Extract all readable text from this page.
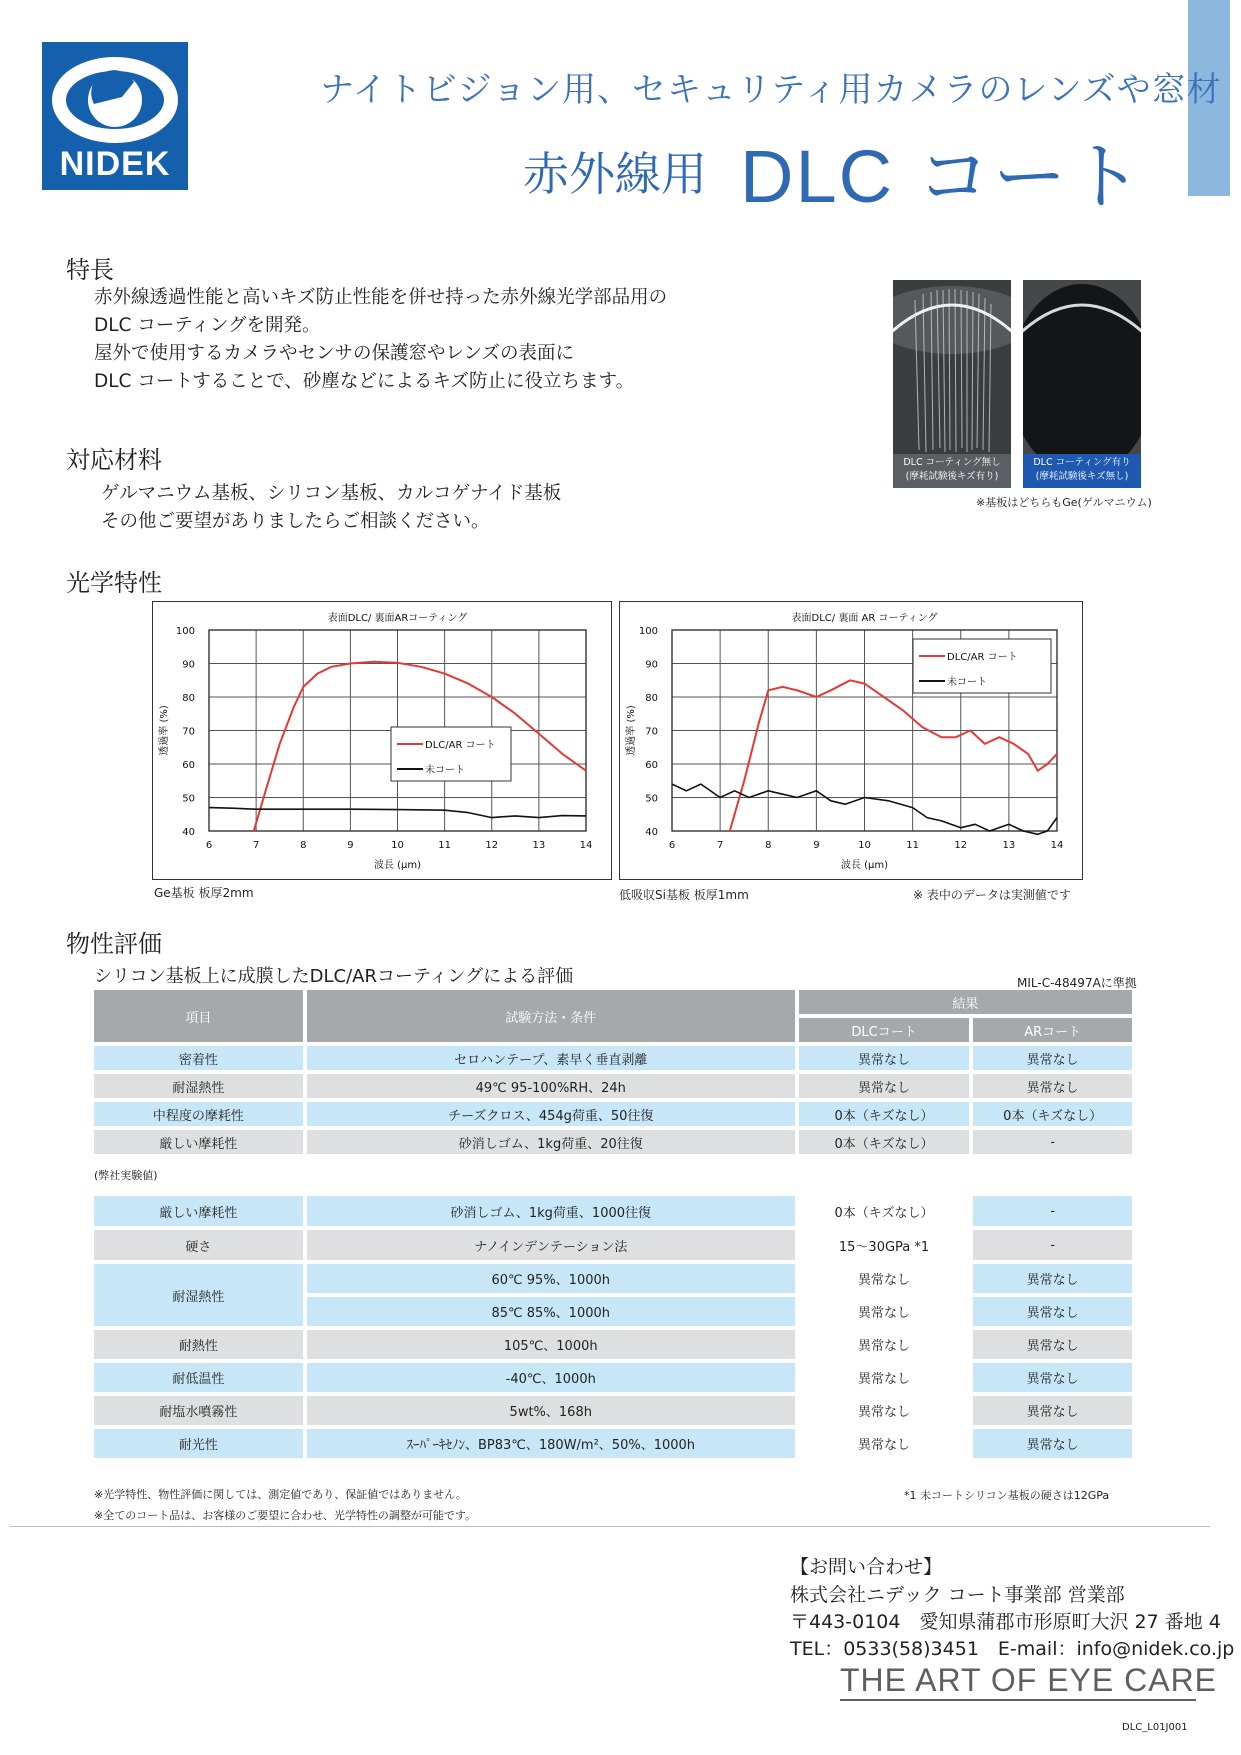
NIDEK
ナイトビジョン用、セキュリティ用カメラのレンズや窓材
赤外線用 DLC コート
特長
赤外線透過性能と高いキズ防止性能を併せ持った赤外線光学部品用の
DLC コーティングを開発。
屋外で使用するカメラやセンサの保護窓やレンズの表面に
DLC コートすることで、砂塵などによるキズ防止に役立ちます。
DLC コーティング無し
(摩耗試験後キズ有り)
DLC コーティング有り
(摩耗試験後キズ無し)
※基板はどちらもGe(ゲルマニウム)
対応材料
ゲルマニウム基板、シリコン基板、カルコゲナイド基板
その他ご要望がありましたらご相談ください。
光学特性
表面DLC/ 裏面ARコーティング
6	7	8	9	10	11	12	13	14
40
50
60
70
80
90
100
波長 (μm)
透過率 (%)	DLC/AR コート
未コート
表面DLC/ 裏面 AR コーティング
6	7	8	9	10	11	12	13	14
40
50
60
70
80
90
100
波長 (μm)
透過率 (%)
DLC/AR コート
未コート
Ge基板 板厚2mm	低吸収Si基板 板厚1mm	※ 表中のデータは実測値です
物性評価
シリコン基板上に成膜したDLC/ARコーティングによる評価	MIL-C-48497Aに準拠
項目	試験方法・条件	結果	
		DLCコート	ARコート
密着性	セロハンテープ、素早く垂直剥離	異常なし	異常なし
耐湿熱性	49℃ 95-100%RH、24h	異常なし	異常なし
中程度の摩耗性	チーズクロス、454g荷重、50往復	0本（キズなし）	0本（キズなし）
厳しい摩耗性	砂消しゴム、1kg荷重、20往復	0本（キズなし）	-
(弊社実験値)			
厳しい摩耗性	砂消しゴム、1kg荷重、1000往復	0本（キズなし）	-
硬さ	ナノインデンテーション法	15～30GPa *1	-
耐湿熱性	60℃ 95%、1000h	異常なし	異常なし
	85℃ 85%、1000h	異常なし	異常なし
耐熱性	105℃、1000h	異常なし	異常なし
耐低温性	-40℃、1000h	異常なし	異常なし
耐塩水噴霧性	5wt%、168h	異常なし	異常なし
耐光性	ｽｰﾊﾟｰｷｾﾉﾝ、BP83℃、180W/m²、50%、1000h	異常なし	異常なし
※光学特性、物性評価に関しては、測定値であり、保証値ではありません。
※全てのコート品は、お客様のご要望に合わせ、光学特性の調整が可能です。
*1 未コートシリコン基板の硬さは12GPa
【お問い合わせ】
株式会社ニデック コート事業部 営業部
〒443-0104　愛知県蒲郡市形原町大沢 27 番地 4
TEL：0533(58)3451　E-mail：info@nidek.co.jp
THE ART OF EYE CARE
DLC_L01J001
